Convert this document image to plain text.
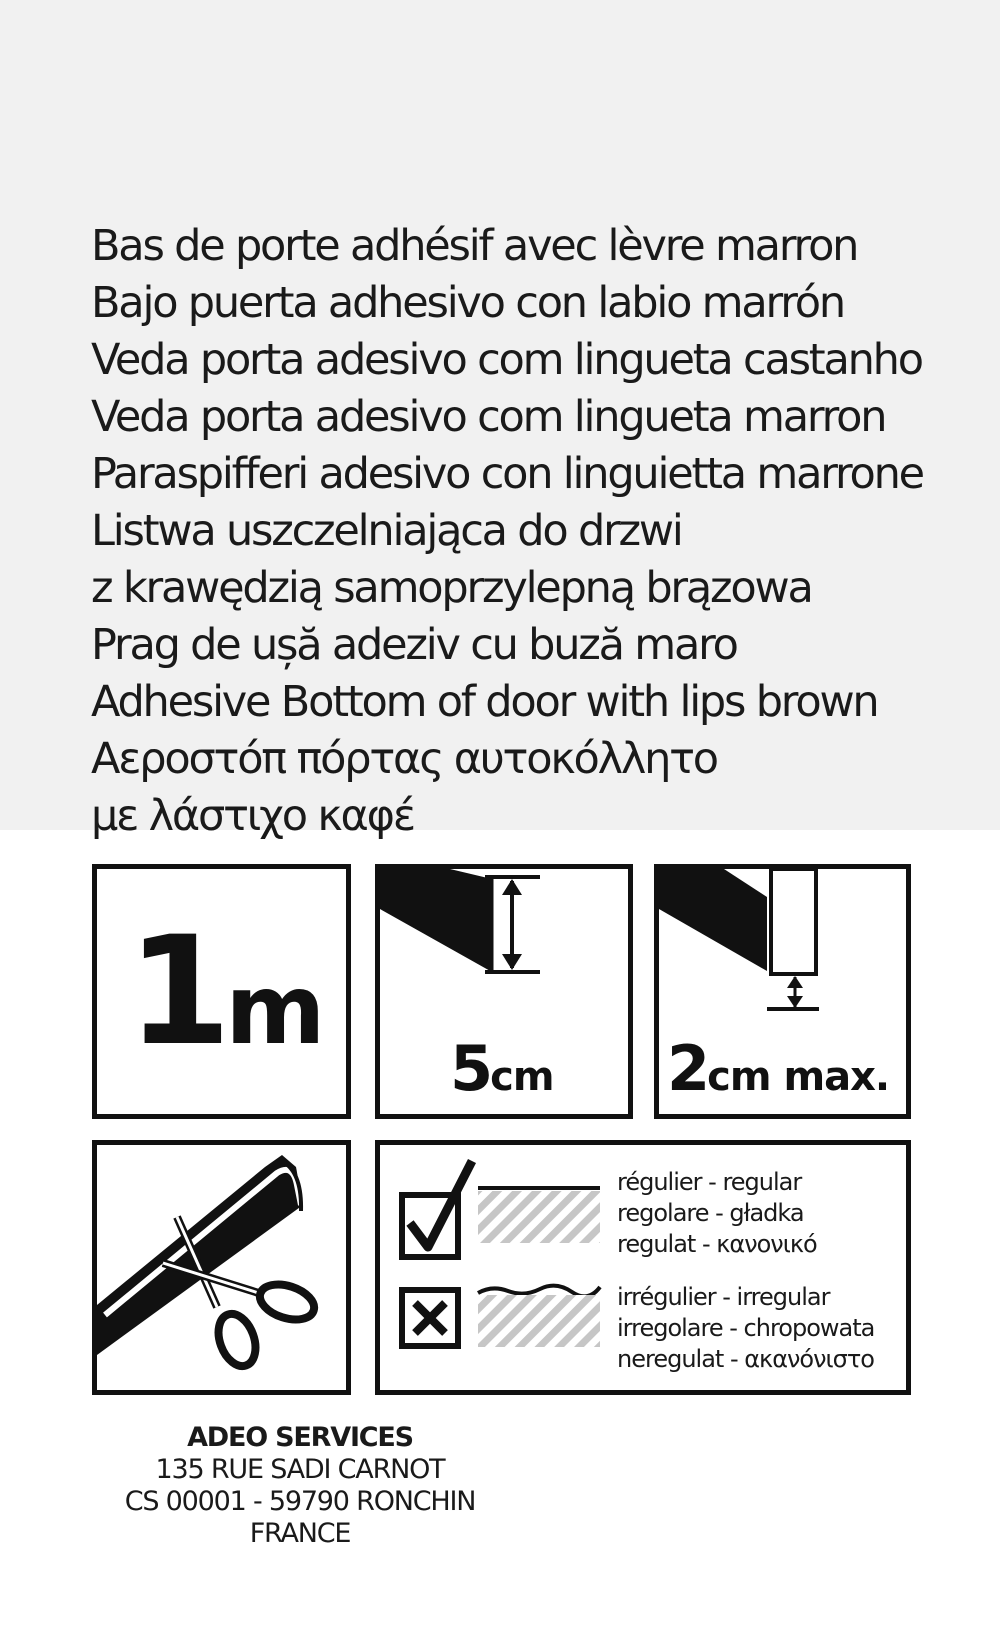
Bas de porte adhésif avec lèvre marron
Bajo puerta adhesivo con labio marrón
Veda porta adesivo com lingueta castanho
Veda porta adesivo com lingueta marron
Paraspifferi adesivo con linguietta marrone
Listwa uszczelniająca do drzwi
z krawędzią samoprzylepną brązowa
Prag de ușă adeziv cu buză maro
Adhesive Bottom of door with lips brown
Αεροστόπ πόρτας αυτοκόλλητο
με λάστιχο καφέ
1m
5cm 2cm max.
régulier - regular
regolare - gładka
regulat - κανονικό
irrégulier - irregular
irregolare - chropowata
neregulat - ακανόνιστο
ADEO SERVICES
135 RUE SADI CARNOT
CS 00001 - 59790 RONCHIN
FRANCE
